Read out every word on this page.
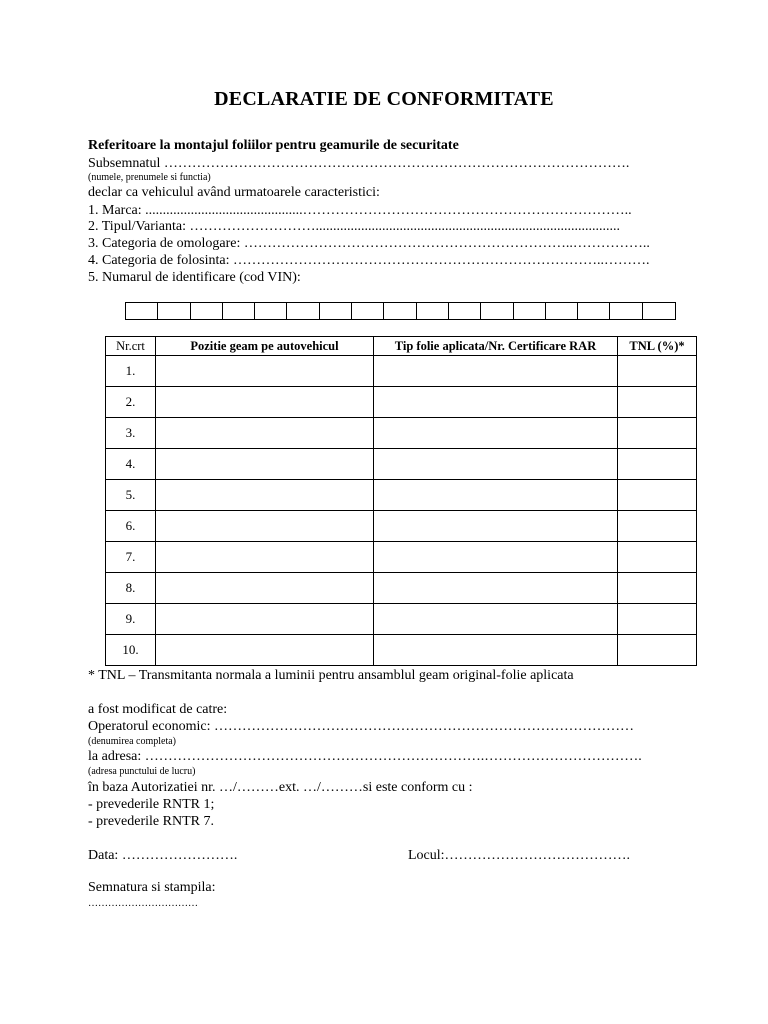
DECLARATIE DE CONFORMITATE
Referitoare la montajul foliilor pentru geamurile de securitate
Subsemnatul ……………………………………………………………………………………….
(numele, prenumele si functia)
declar ca vehiculul având urmatoarele caracteristici:
1. Marca: .............................................……………………………………………………………..
2. Tipul/Varianta: ……………………….......................................................................................
3. Categoria de omologare: ……………………………………………………………..……………..
4. Categoria de folosinta: ……………………………………………………………………..……….
5. Numarul de identificare (cod VIN):
Nr.crt	Pozitie geam pe autovehicul	Tip folie aplicata/Nr. Certificare RAR	TNL (%)*
1.			
2.			
3.			
4.			
5.			
6.			
7.			
8.			
9.			
10.			
* TNL – Transmitanta normala a luminii pentru ansamblul geam original-folie aplicata
a fost modificat de catre:
Operatorul economic: ………………………………………………………………………………
(denumirea completa)
la adresa: ……………………………………………………………….…………………………….
(adresa punctului de lucru)
în baza Autorizatiei nr. …/………ext. …/………si este conform cu :
- prevederile RNTR 1;
- prevederile RNTR 7.
Data: …………………….	Locul:………………………………….
Semnatura si stampila:
……………………………
